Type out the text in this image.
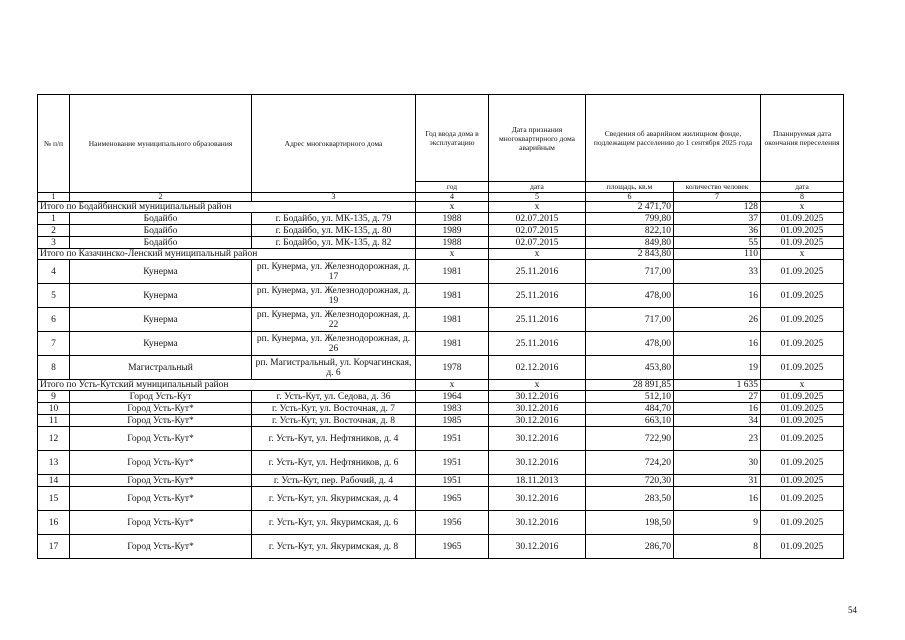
№ п/п	Наименование муниципального образования	Адрес многоквартирного дома	Год ввода дома в эксплуатацию	Дата признания многоквартирного дома аварийным	Сведения об аварийном жилищном фонде, подлежащем расселению до 1 сентября 2025 года		Планируемая дата окончания переселения
			год	дата	площадь, кв.м	количество человек	дата
1	2	3	4	5	6	7	8
Итого по Бодайбинский муниципальный район			х	х	2 471,70	128	х
1	Бодайбо	г. Бодайбо, ул. МК-135, д. 79	1988	02.07.2015	799,80	37	01.09.2025
2	Бодайбо	г. Бодайбо, ул. МК-135, д. 80	1989	02.07.2015	822,10	36	01.09.2025
3	Бодайбо	г. Бодайбо, ул. МК-135, д. 82	1988	02.07.2015	849,80	55	01.09.2025
Итого по Казачинско-Ленский муниципальный район			х	х	2 843,80	110	х
4	Кунерма	рп. Кунерма, ул. Железнодорожная, д. 17	1981	25.11.2016	717,00	33	01.09.2025
5	Кунерма	рп. Кунерма, ул. Железнодорожная, д. 19	1981	25.11.2016	478,00	16	01.09.2025
6	Кунерма	рп. Кунерма, ул. Железнодорожная, д. 22	1981	25.11.2016	717,00	26	01.09.2025
7	Кунерма	рп. Кунерма, ул. Железнодорожная, д. 26	1981	25.11.2016	478,00	16	01.09.2025
8	Магистральный	рп. Магистральный, ул. Корчагинская, д. 6	1978	02.12.2016	453,80	19	01.09.2025
Итого по Усть-Кутский муниципальный район			х	х	28 891,85	1 635	х
9	Город Усть-Кут	г. Усть-Кут, ул. Седова, д. 36	1964	30.12.2016	512,10	27	01.09.2025
10	Город Усть-Кут*	г. Усть-Кут, ул. Восточная, д. 7	1983	30.12.2016	484,70	16	01.09.2025
11	Город Усть-Кут*	г. Усть-Кут, ул. Восточная, д. 8	1985	30.12.2016	663,10	34	01.09.2025
12	Город Усть-Кут*	г. Усть-Кут, ул. Нефтяников, д. 4	1951	30.12.2016	722,90	23	01.09.2025
13	Город Усть-Кут*	г. Усть-Кут, ул. Нефтяников, д. 6	1951	30.12.2016	724,20	30	01.09.2025
14	Город Усть-Кут*	г. Усть-Кут, пер. Рабочий, д. 4	1951	18.11.2013	720,30	31	01.09.2025
15	Город Усть-Кут*	г. Усть-Кут, ул. Якуримская, д. 4	1965	30.12.2016	283,50	16	01.09.2025
16	Город Усть-Кут*	г. Усть-Кут, ул. Якуримская, д. 6	1956	30.12.2016	198,50	9	01.09.2025
17	Город Усть-Кут*	г. Усть-Кут, ул. Якуримская, д. 8	1965	30.12.2016	286,70	8	01.09.2025
54
